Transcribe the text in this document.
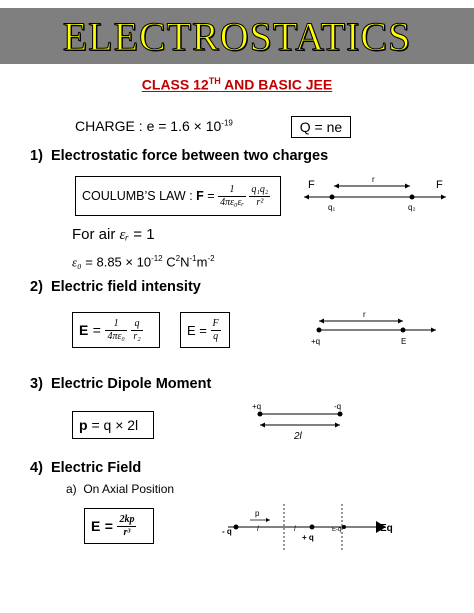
ELECTROSTATICS
CLASS 12TH AND BASIC JEE
CHARGE : $e = 1.6 \times 10^{-19}$	Q = ne
1) Electrostatic force between two charges
COULUMB’S LAW :
F
=
$\frac{1}{\text{4πε₀εᵣ}}$
$\frac{\text{q₁q₂}}{\text{r²}}$	F	F
r
q₁	q₂
For air εᵣ = 1
$\varepsilon_0 = 8.85 \times 10^{-12}$ $C^2N^{-1}m^{-2}$
2) Electric field intensity
E
=
$\frac{1}{\text{4πε₀}}$
$\frac{q}{\text{r₂}}$	E
=
$\frac{F}{q}$
r
+q	E
3) Electric Dipole Moment
p
= q × 2l
+q	-q
2l
4) Electric Field
a) On Axial Position
E
=
$\frac{2kp}{\text{r³}}$	p
l	l
- q
+ q
E-q	Eq
